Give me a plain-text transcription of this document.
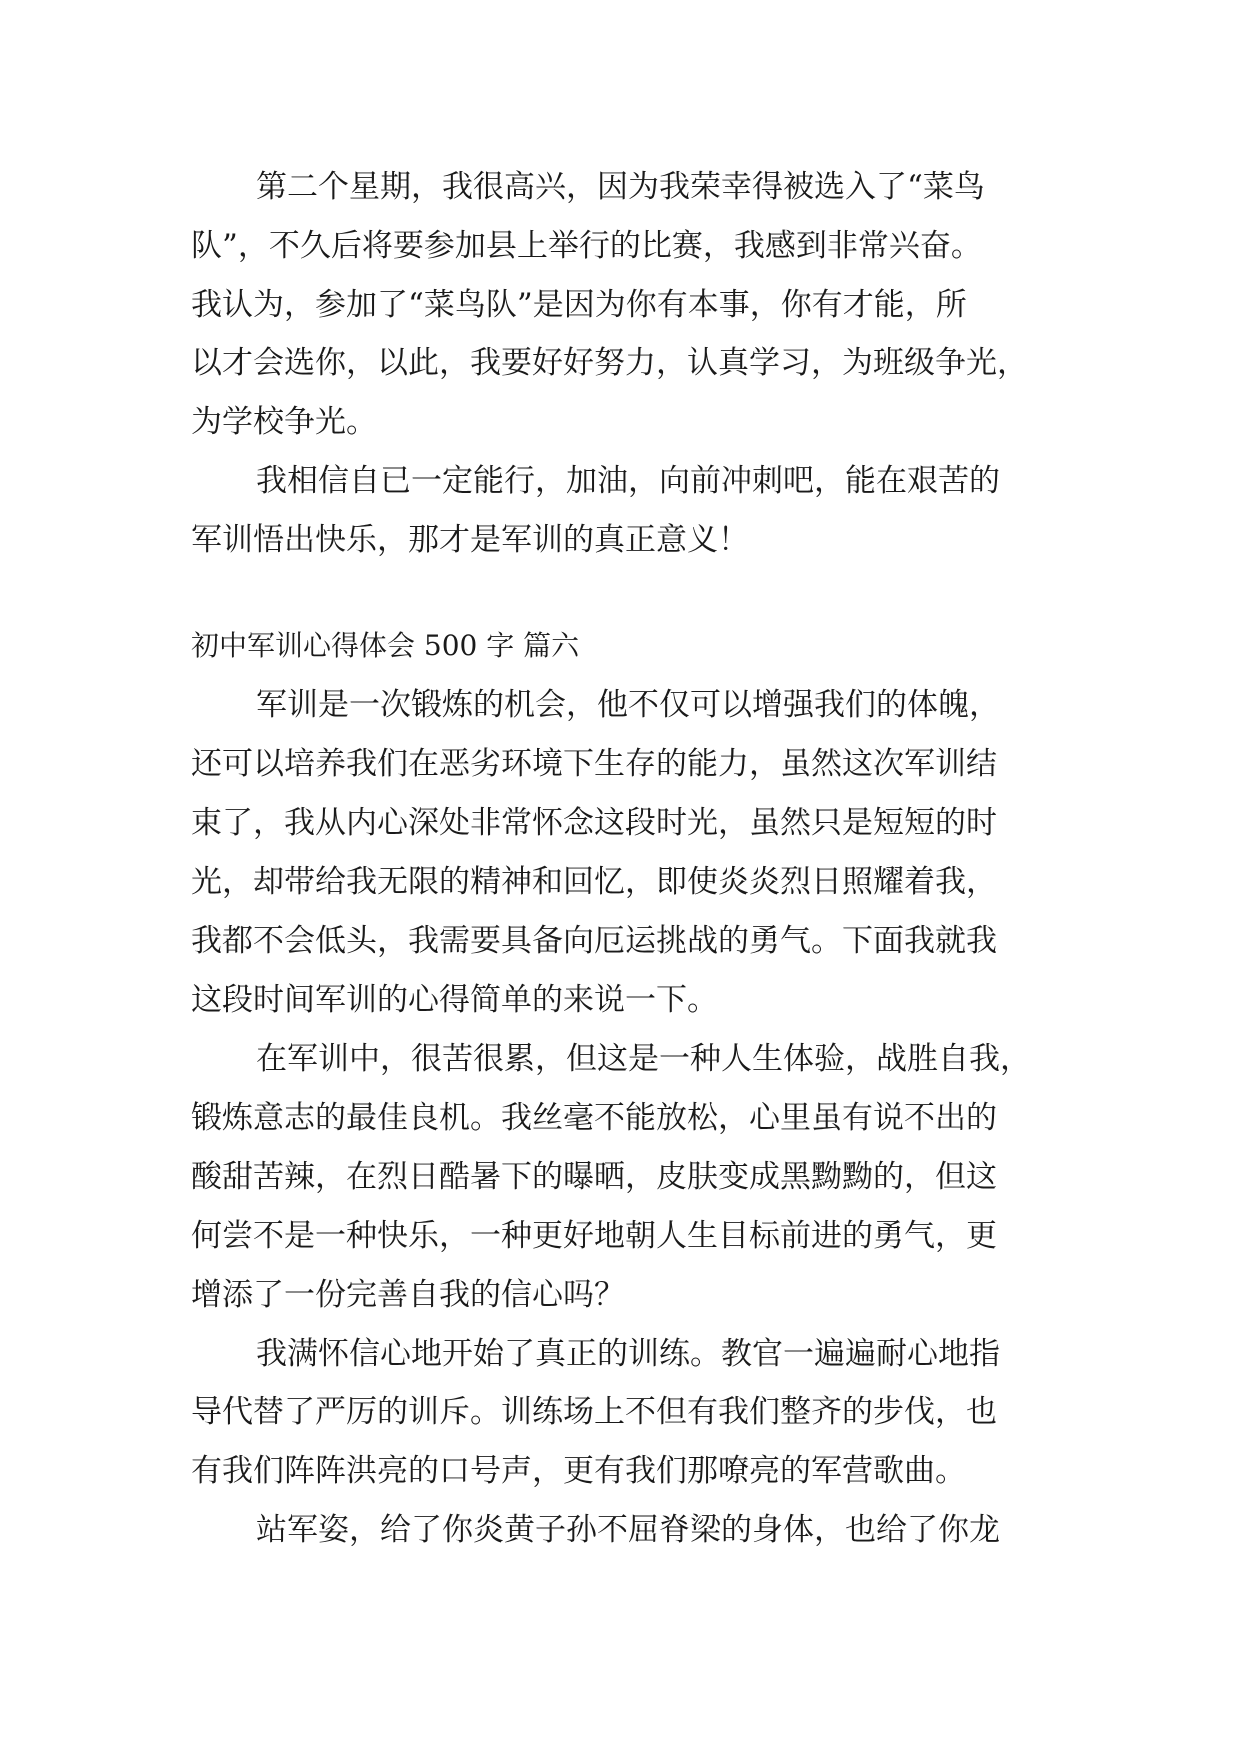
第二个星期，我很高兴，因为我荣幸得被选入了“菜鸟
队”，不久后将要参加县上举行的比赛，我感到非常兴奋。
我认为，参加了“菜鸟队”是因为你有本事，你有才能，所
以才会选你，以此，我要好好努力，认真学习，为班级争光，
为学校争光。
我相信自已一定能行，加油，向前冲刺吧，能在艰苦的
军训悟出快乐，那才是军训的真正意义！
初中军训心得体会 500 字 篇六
军训是一次锻炼的机会，他不仅可以增强我们的体魄，
还可以培养我们在恶劣环境下生存的能力，虽然这次军训结
束了，我从内心深处非常怀念这段时光，虽然只是短短的时
光，却带给我无限的精神和回忆，即使炎炎烈日照耀着我，
我都不会低头，我需要具备向厄运挑战的勇气。下面我就我
这段时间军训的心得简单的来说一下。
在军训中，很苦很累，但这是一种人生体验，战胜自我，
锻炼意志的最佳良机。我丝毫不能放松，心里虽有说不出的
酸甜苦辣，在烈日酷暑下的曝晒，皮肤变成黑黝黝的，但这
何尝不是一种快乐，一种更好地朝人生目标前进的勇气，更
增添了一份完善自我的信心吗？
我满怀信心地开始了真正的训练。教官一遍遍耐心地指
导代替了严厉的训斥。训练场上不但有我们整齐的步伐，也
有我们阵阵洪亮的口号声，更有我们那嘹亮的军营歌曲。
站军姿，给了你炎黄子孙不屈脊梁的身体，也给了你龙
